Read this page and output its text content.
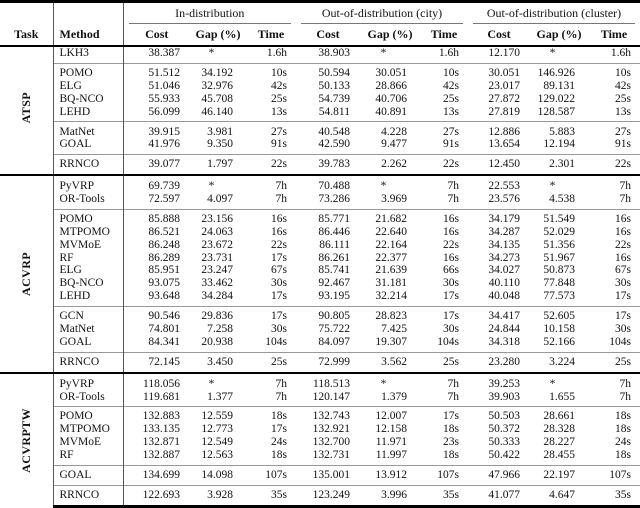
		In-distribution			Out-of-distribution (city)			Out-of-distribution (cluster)		

Task	Method	Cost	Gap (%)	Time	Cost	Gap (%)	Time	Cost	Gap (%)	Time
ATSP	LKH3	38.387	*	1.6h	38.903	*	1.6h	12.170	*	1.6h
	POMO	51.512	34.192	10s	50.594	30.051	10s	30.051	146.926	10s
	ELG	51.046	32.976	42s	50.133	28.866	42s	23.017	89.131	42s
	BQ-NCO	55.933	45.708	25s	54.739	40.706	25s	27.872	129.022	25s
	LEHD	56.099	46.140	13s	54.811	40.891	13s	27.819	128.587	13s
	MatNet	39.915	3.981	27s	40.548	4.228	27s	12.886	5.883	27s
	GOAL	41.976	9.350	91s	42.590	9.477	91s	13.654	12.194	91s
	RRNCO	39.077	1.797	22s	39.783	2.262	22s	12.450	2.301	22s
ACVRP	PyVRP	69.739	*	7h	70.488	*	7h	22.553	*	7h
	OR-Tools	72.597	4.097	7h	73.286	3.969	7h	23.576	4.538	7h
	POMO	85.888	23.156	16s	85.771	21.682	16s	34.179	51.549	16s
	MTPOMO	86.521	24.063	16s	86.446	22.640	16s	34.287	52.029	16s
	MVMoE	86.248	23.672	22s	86.111	22.164	22s	34.135	51.356	22s
	RF	86.289	23.731	17s	86.261	22.377	16s	34.273	51.967	16s
	ELG	85.951	23.247	67s	85.741	21.639	66s	34.027	50.873	67s
	BQ-NCO	93.075	33.462	30s	92.467	31.181	30s	40.110	77.848	30s
	LEHD	93.648	34.284	17s	93.195	32.214	17s	40.048	77.573	17s
	GCN	90.546	29.836	17s	90.805	28.823	17s	34.417	52.605	17s
	MatNet	74.801	7.258	30s	75.722	7.425	30s	24.844	10.158	30s
	GOAL	84.341	20.938	104s	84.097	19.307	104s	34.318	52.166	104s
	RRNCO	72.145	3.450	25s	72.999	3.562	25s	23.280	3.224	25s
ACVRPTW	PyVRP	118.056	*	7h	118.513	*	7h	39.253	*	7h
	OR-Tools	119.681	1.377	7h	120.147	1.379	7h	39.903	1.655	7h
	POMO	132.883	12.559	18s	132.743	12.007	17s	50.503	28.661	18s
	MTPOMO	133.135	12.773	17s	132.921	12.158	18s	50.372	28.328	18s
	MVMoE	132.871	12.549	24s	132.700	11.971	23s	50.333	28.227	24s
	RF	132.887	12.563	18s	132.731	11.997	18s	50.422	28.455	18s
	GOAL	134.699	14.098	107s	135.001	13.912	107s	47.966	22.197	107s
	RRNCO	122.693	3.928	35s	123.249	3.996	35s	41.077	4.647	35s
